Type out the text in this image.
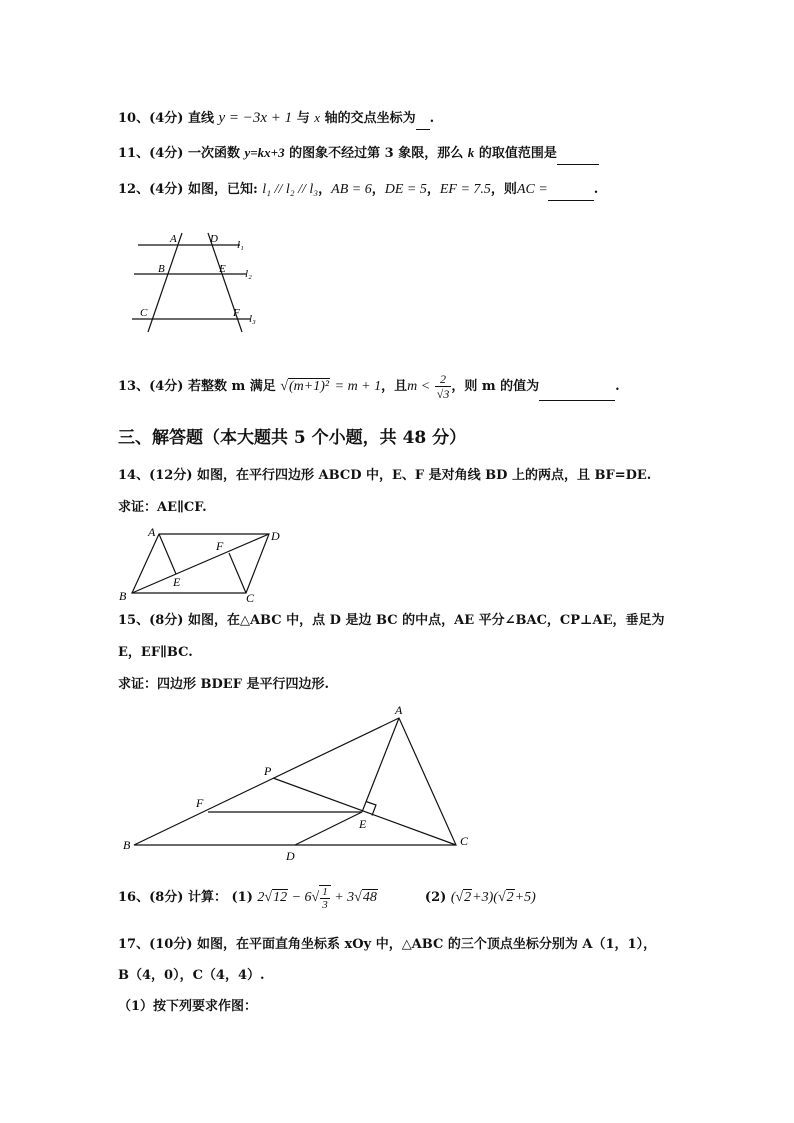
10、(4分) 直线 y = −3x + 1 与 x 轴的交点坐标为 .
11、(4分) 一次函数 y=kx+3 的图象不经过第 3 象限，那么 k 的取值范围是
12、(4分) 如图，已知: l₁ // l₂ // l₃，AB = 6，DE = 5，EF = 7.5，则AC =	.
A	D l₁
B	E l₂
C	F l₃
13、(4分) 若整数 m 满足 √(m+1)² = m + 1，且$m < \frac{2}{√3}$ ，则 m 的值为	.
三、解答题（本大题共 5 个小题，共 48 分）
14、(12分) 如图，在平行四边形 ABCD 中，E、F 是对角线 BD 上的两点，且 BF=DE.
求证：AE∥CF.
A	D
F
E
B	C
15、(8分) 如图，在△ABC 中，点 D 是边 BC 的中点，AE 平分∠BAC，CP⊥AE，垂足为
E，EF∥BC.
求证：四边形 BDEF 是平行四边形.
A
P
F
E
B
D
C
16、(8分) 计算： (1) $2√12 - 6√ \frac{1}{3} + 3√48$	(2) (√2+3)(√2+5)
17、(10分) 如图，在平面直角坐标系 xOy 中，△ABC 的三个顶点坐标分别为 A（1，1），
B（4，0），C（4，4）.
（1）按下列要求作图：
